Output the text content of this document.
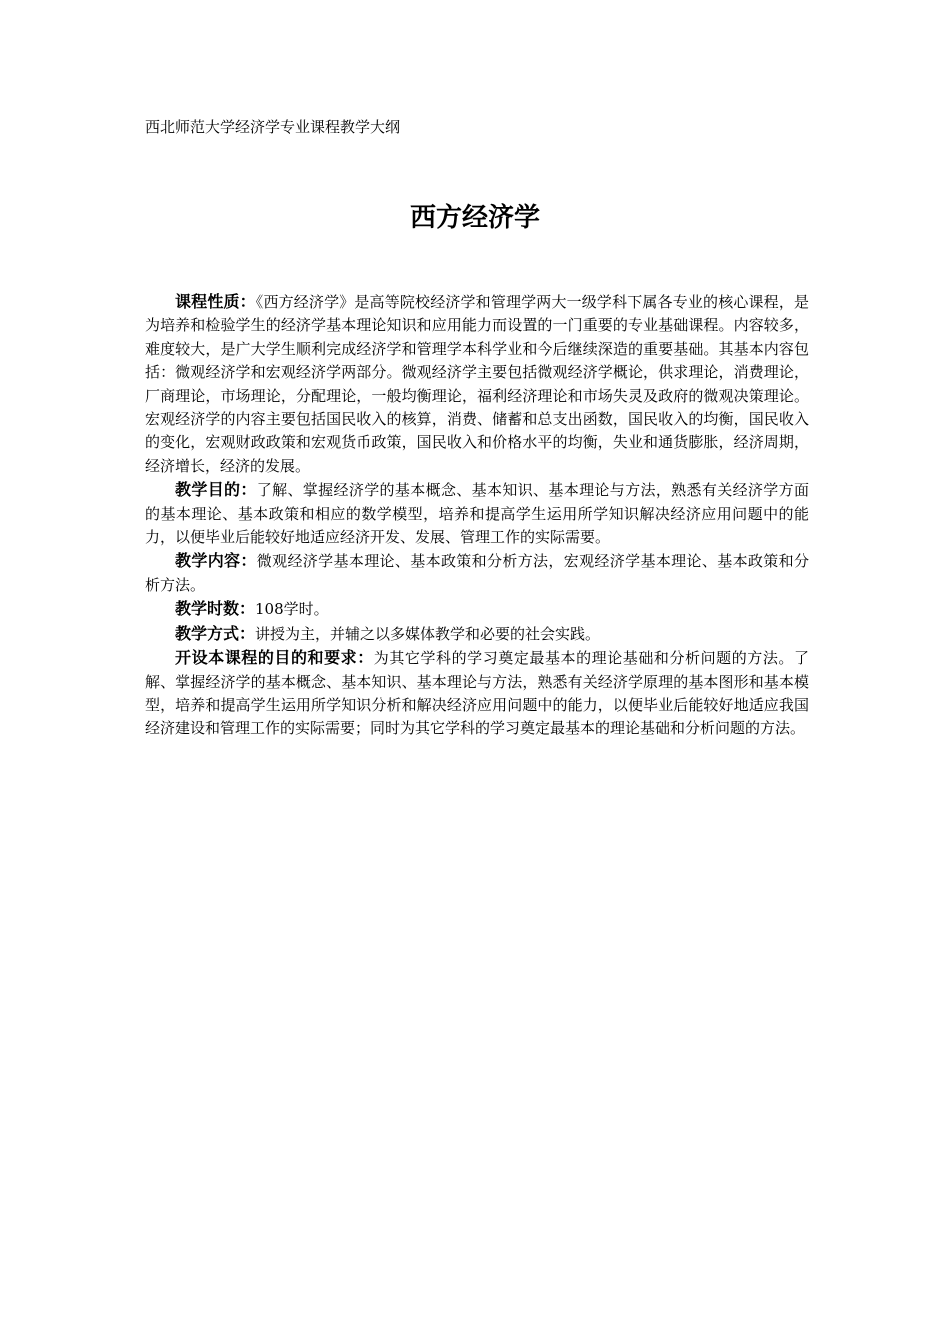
西北师范大学经济学专业课程教学大纲
西方经济学

课程性质：《西方经济学》是高等院校经济学和管理学两大一级学科下属各专业的核心课程，是为培养和检验学生的经济学基本理论知识和应用能力而设置的一门重要的专业基础课程。内容较多，难度较大，是广大学生顺利完成经济学和管理学本科学业和今后继续深造的重要基础。其基本内容包括：微观经济学和宏观经济学两部分。微观经济学主要包括微观经济学概论，供求理论，消费理论，厂商理论，市场理论，分配理论，一般均衡理论，福利经济理论和市场失灵及政府的微观决策理论。宏观经济学的内容主要包括国民收入的核算，消费、储蓄和总支出函数，国民收入的均衡，国民收入的变化，宏观财政政策和宏观货币政策，国民收入和价格水平的均衡，失业和通货膨胀，经济周期，经济增长，经济的发展。

教学目的：了解、掌握经济学的基本概念、基本知识、基本理论与方法，熟悉有关经济学方面的基本理论、基本政策和相应的数学模型，培养和提高学生运用所学知识解决经济应用问题中的能力，以便毕业后能较好地适应经济开发、发展、管理工作的实际需要。

教学内容：微观经济学基本理论、基本政策和分析方法，宏观经济学基本理论、基本政策和分析方法。

教学时数：108学时。

教学方式：讲授为主，并辅之以多媒体教学和必要的社会实践。

开设本课程的目的和要求：为其它学科的学习奠定最基本的理论基础和分析问题的方法。了解、掌握经济学的基本概念、基本知识、基本理论与方法，熟悉有关经济学原理的基本图形和基本模型，培养和提高学生运用所学知识分析和解决经济应用问题中的能力，以便毕业后能较好地适应我国经济建设和管理工作的实际需要；同时为其它学科的学习奠定最基本的理论基础和分析问题的方法。
